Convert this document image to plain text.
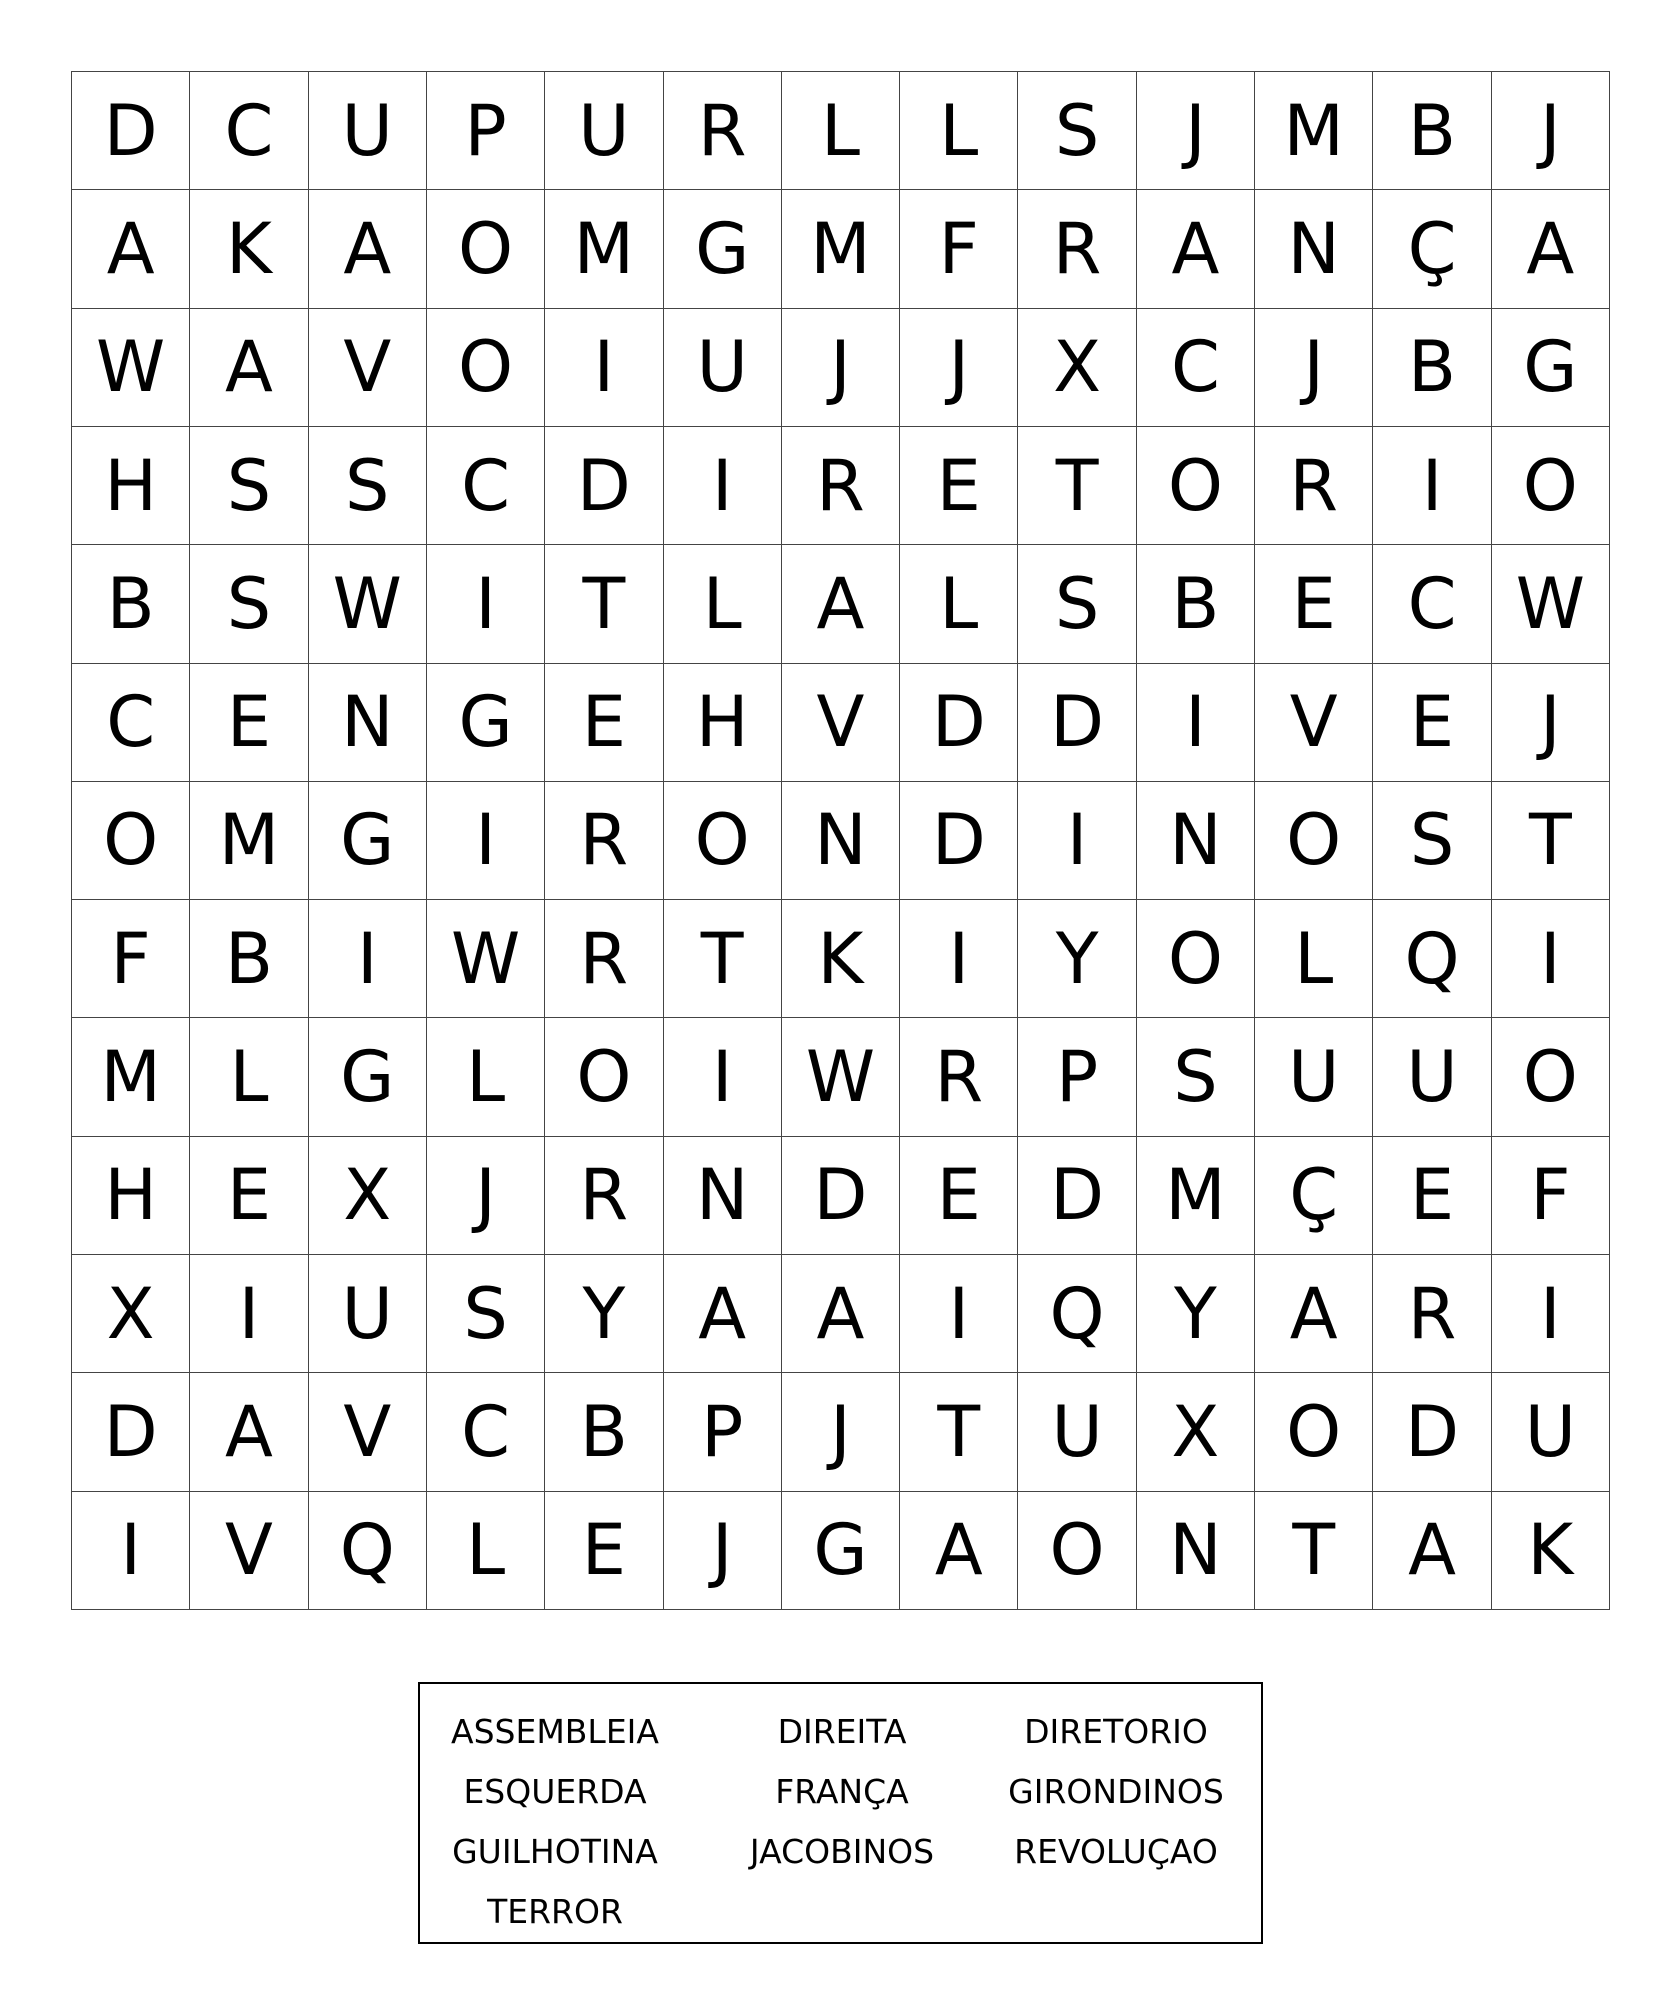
D C U	P	U R	L	L	S	J	M B	J
A	K	A O M G M F	R	A N Ç A
W A	V O	I	U	J	J	X C	J	B G
H S	S	C D	I	R	E	T O R	I	O
B	S W	I	T	L	A	L	S	B	E	C W
C	E	N G E H V D D	I	V	E	J
O M G	I	R O N D	I	N O S	T
F	B	I	W R	T	K	I	Y O	L	Q	I
M L	G	L	O	I	W R	P	S	U U O
H E	X	J	R N D E D M Ç	E	F
X	I	U	S	Y	A	A	I	Q Y	A	R	I
D A	V C B	P	J	T	U X O D U
I	V Q	L	E	J	G A O N	T	A	K
ASSEMBLEIA
ESQUERDA
GUILHOTINA
TERROR
DIREITA
FRANÇA
JACOBINOS
DIRETORIO
GIRONDINOS
REVOLUÇAO
